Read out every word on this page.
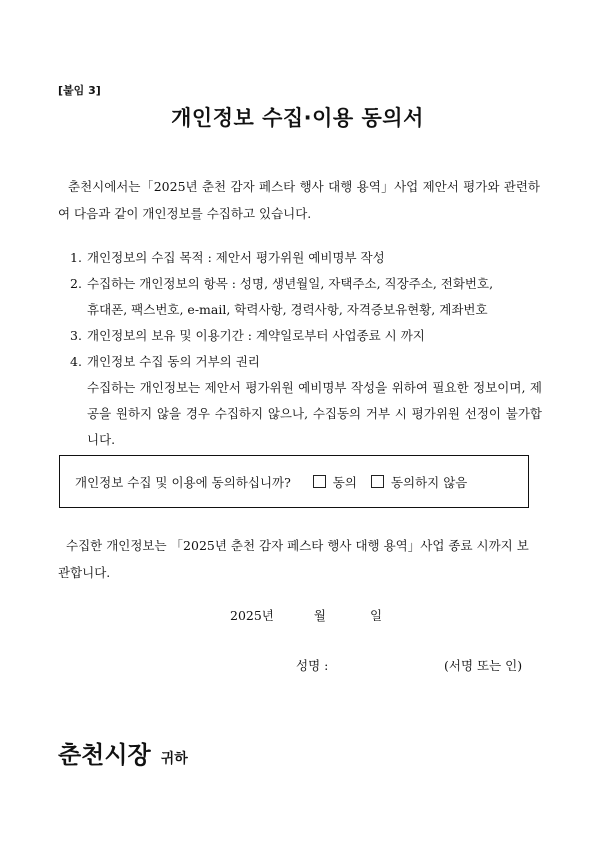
[붙임 3]
개인정보 수집·이용 동의서
춘천시에서는「2025년 춘천 감자 페스타 행사 대행 용역」사업 제안서 평가와 관련하여 다음과 같이 개인정보를 수집하고 있습니다.
1. 개인정보의 수집 목적 : 제안서 평가위원 예비명부 작성
2. 수집하는 개인정보의 항목 : 성명, 생년월일, 자택주소, 직장주소, 전화번호,
휴대폰, 팩스번호, e-mail, 학력사항, 경력사항, 자격증보유현황, 계좌번호
3. 개인정보의 보유 및 이용기간 : 계약일로부터 사업종료 시 까지
4. 개인정보 수집 동의 거부의 권리
수집하는 개인정보는 제안서 평가위원 예비명부 작성을 위하여 필요한 정보이며, 제공을 원하지 않을 경우 수집하지 않으나, 수집동의 거부 시 평가위원 선정이 불가합니다.
개인정보 수집 및 이용에 동의하십니까?	동의	동의하지 않음
수집한 개인정보는 「2025년 춘천 감자 페스타 행사 대행 용역」사업 종료 시까지 보관합니다.
2025년	월	일
성명 :	(서명 또는 인)
춘천시장 귀하
